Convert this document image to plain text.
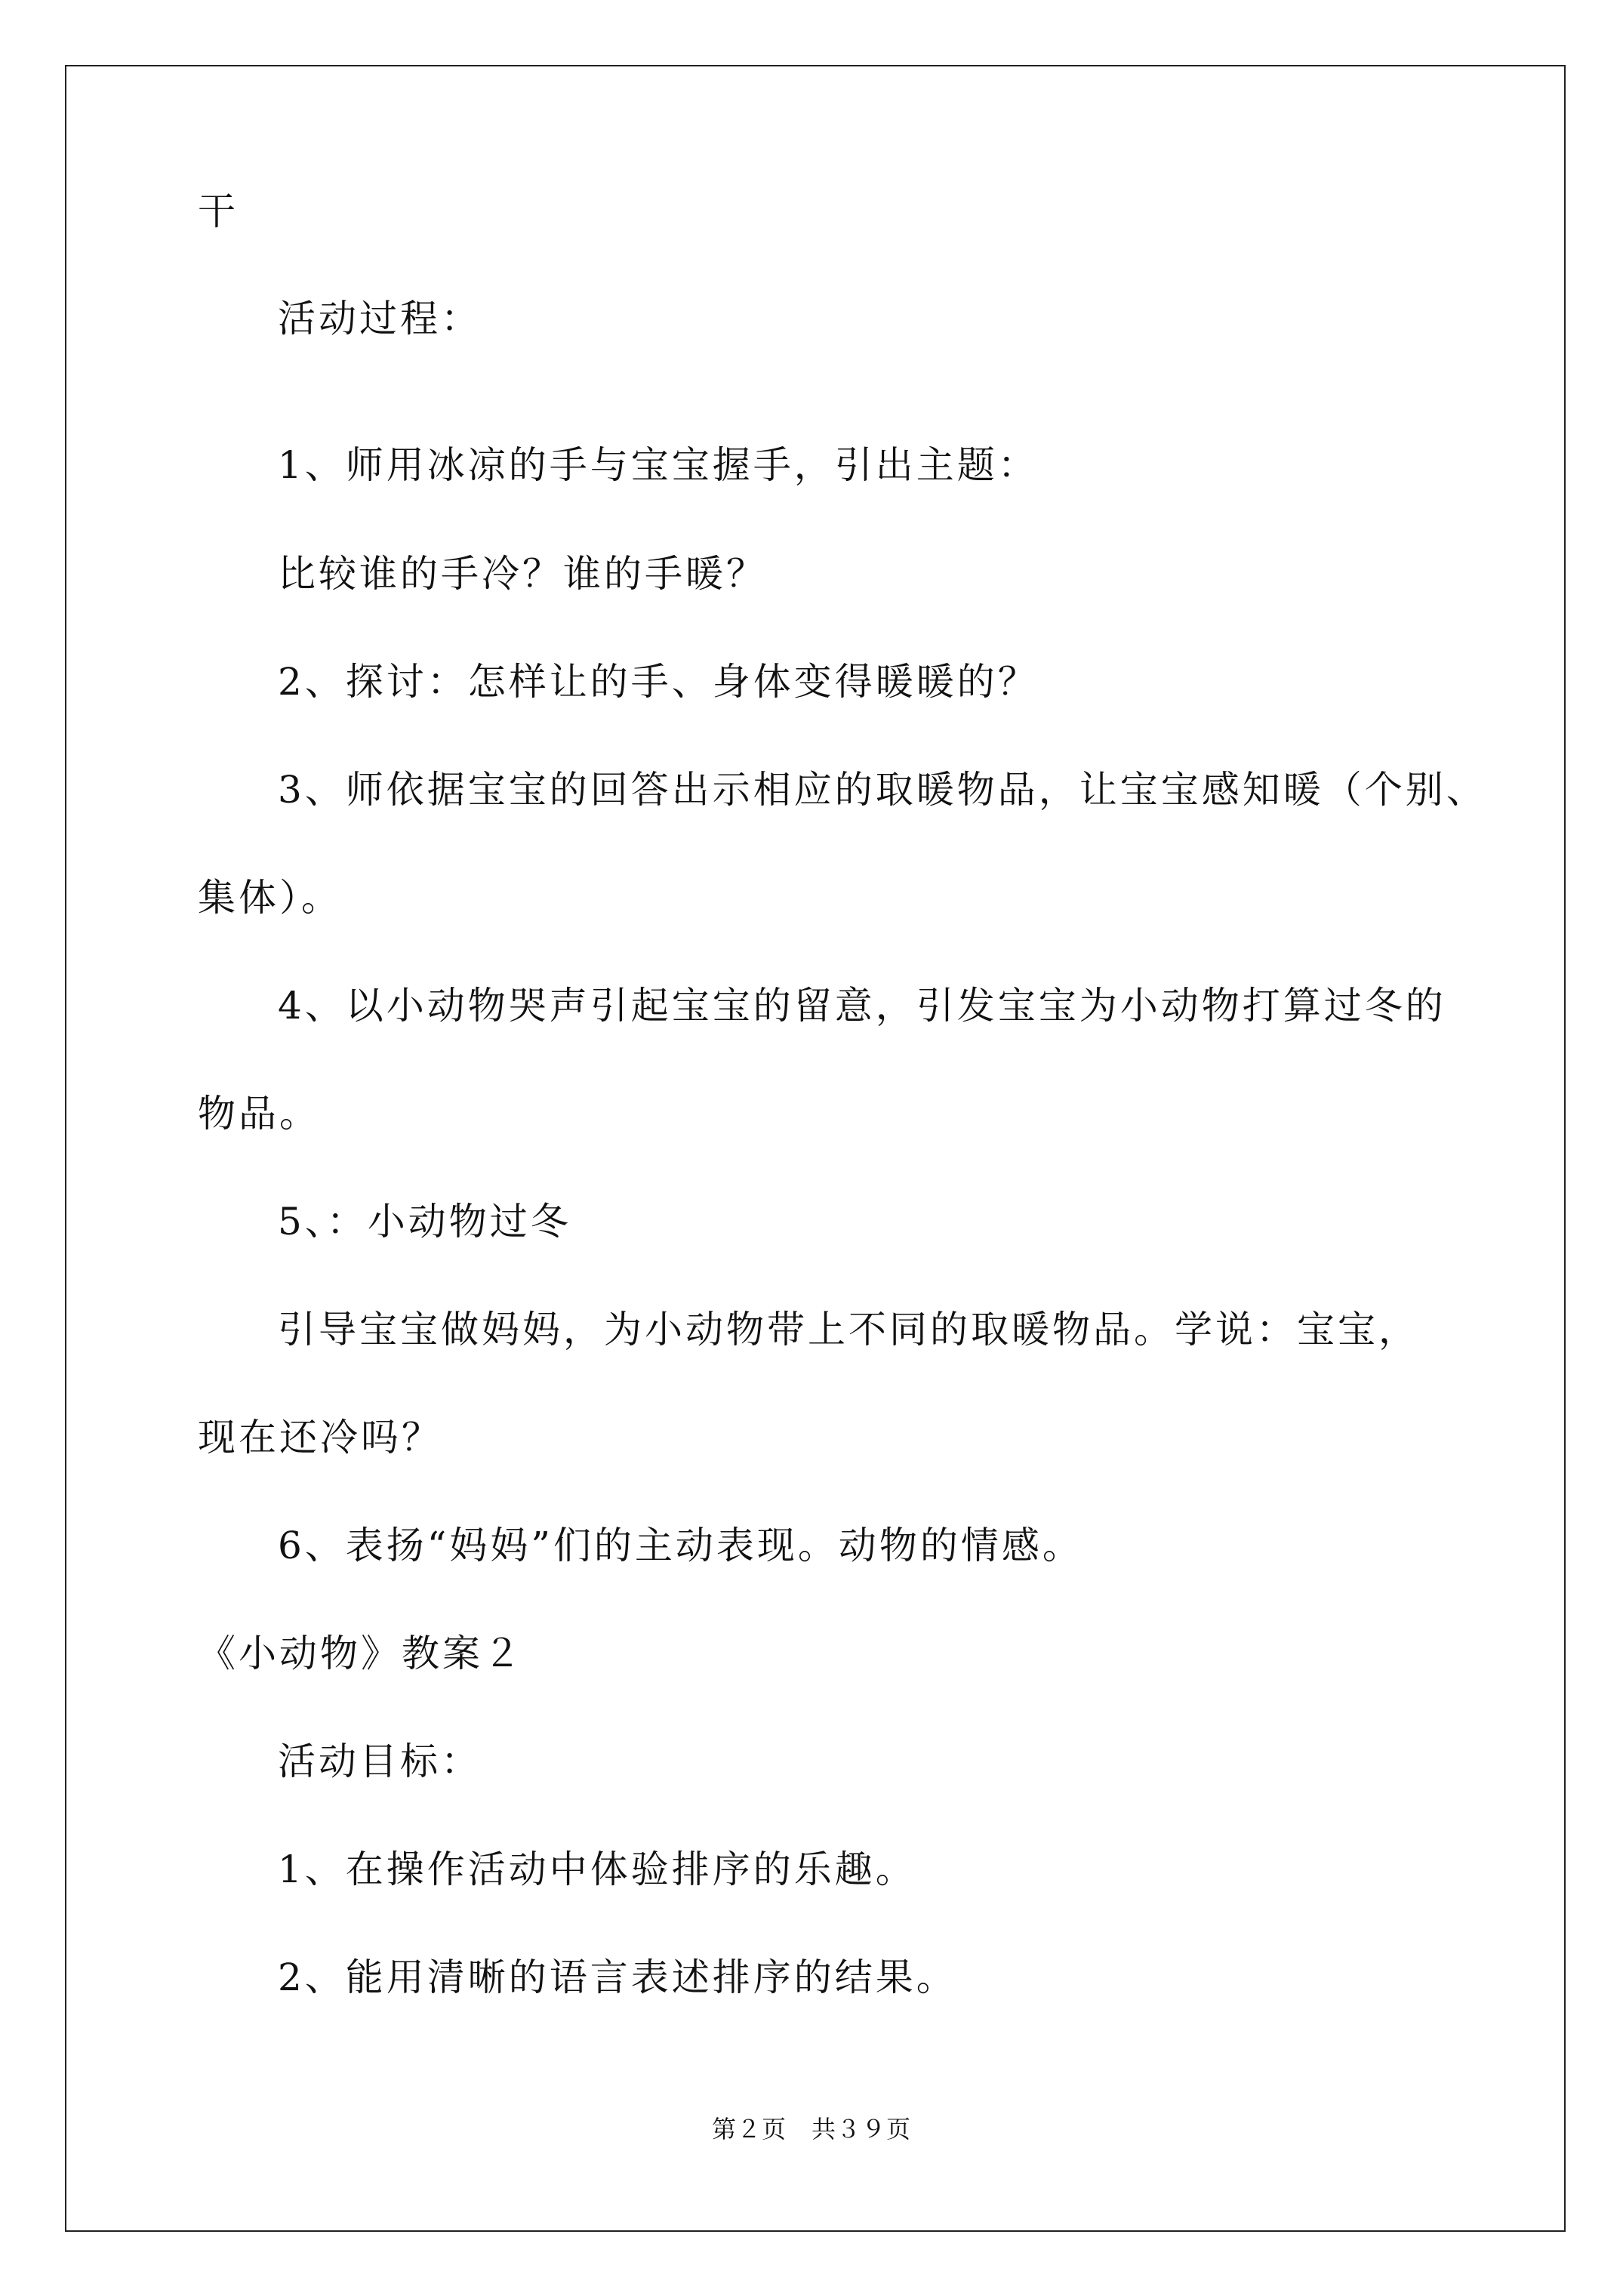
干
活动过程：
1、师用冰凉的手与宝宝握手，引出主题：
比较谁的手冷？谁的手暖？
2、探讨：怎样让的手、身体变得暖暖的？
3、师依据宝宝的回答出示相应的取暖物品，让宝宝感知暖（个别、
集体）。
4、以小动物哭声引起宝宝的留意，引发宝宝为小动物打算过冬的
物品。
5、：小动物过冬
引导宝宝做妈妈，为小动物带上不同的取暖物品。学说：宝宝，
现在还冷吗？
6、表扬“妈妈”们的主动表现。动物的情感。
《小动物》教案２
活动目标：
1、在操作活动中体验排序的乐趣。
2、能用清晰的语言表述排序的结果。
第２页　共３９页
